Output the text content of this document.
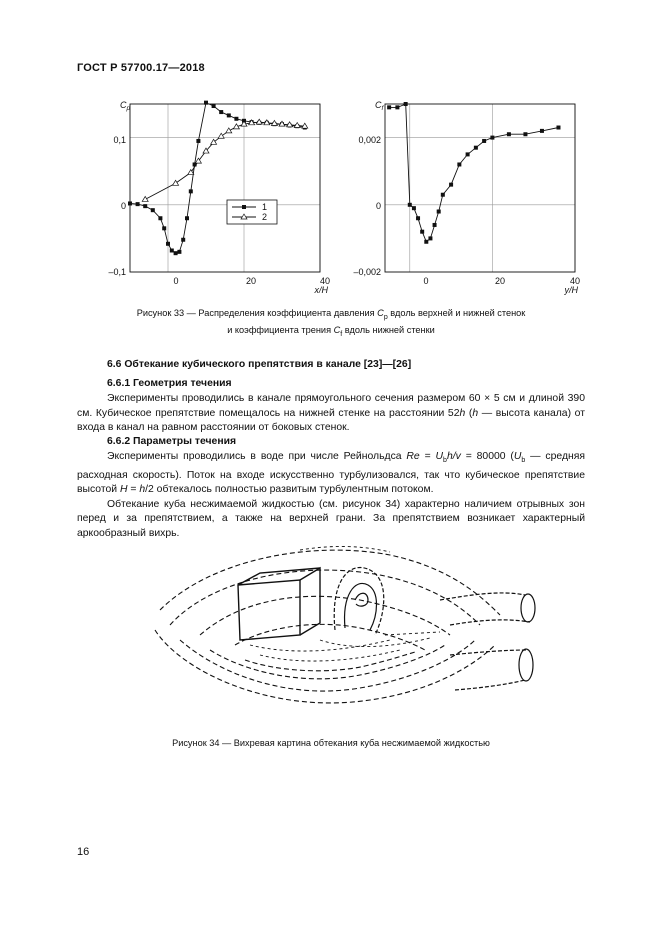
ГОСТ Р 57700.17—2018
$C_p$
0,1
0
–0,1
0	20	40
x/H
1
2
$C_f$
0,002
0
–0,002
0	20	40
y/H
Рисунок 33 — Распределения коэффициента давления $C_p$ вдоль верхней и нижней стенок
и коэффициента трения $C_f$ вдоль нижней стенки
6.6 Обтекание кубического препятствия в канале [23]—[26]
6.6.1 Геометрия течения

Эксперименты проводились в канале прямоугольного сечения размером 60 × 5 см и длиной 390 см. Кубическое препятствие помещалось на нижней стенке на расстоянии 52h (h — высота канала) от входа в канал на равном расстоянии от боковых стенок.

6.6.2 Параметры течения

Эксперименты проводились в воде при числе Рейнольдса $Re = U_bh/v = 80000$ ($U_b$ — средняя расходная скорость). Поток на входе искусственно турбулизовался, так что кубическое препятствие высотой H = h/2 обтекалось полностью развитым турбулентным потоком.

Обтекание куба несжимаемой жидкостью (см. рисунок 34) характерно наличием отрывных зон перед и за препятствием, а также на верхней грани. За препятствием возникает характерный аркообразный вихрь.

Рисунок 34 — Вихревая картина обтекания куба несжимаемой жидкостью
16
